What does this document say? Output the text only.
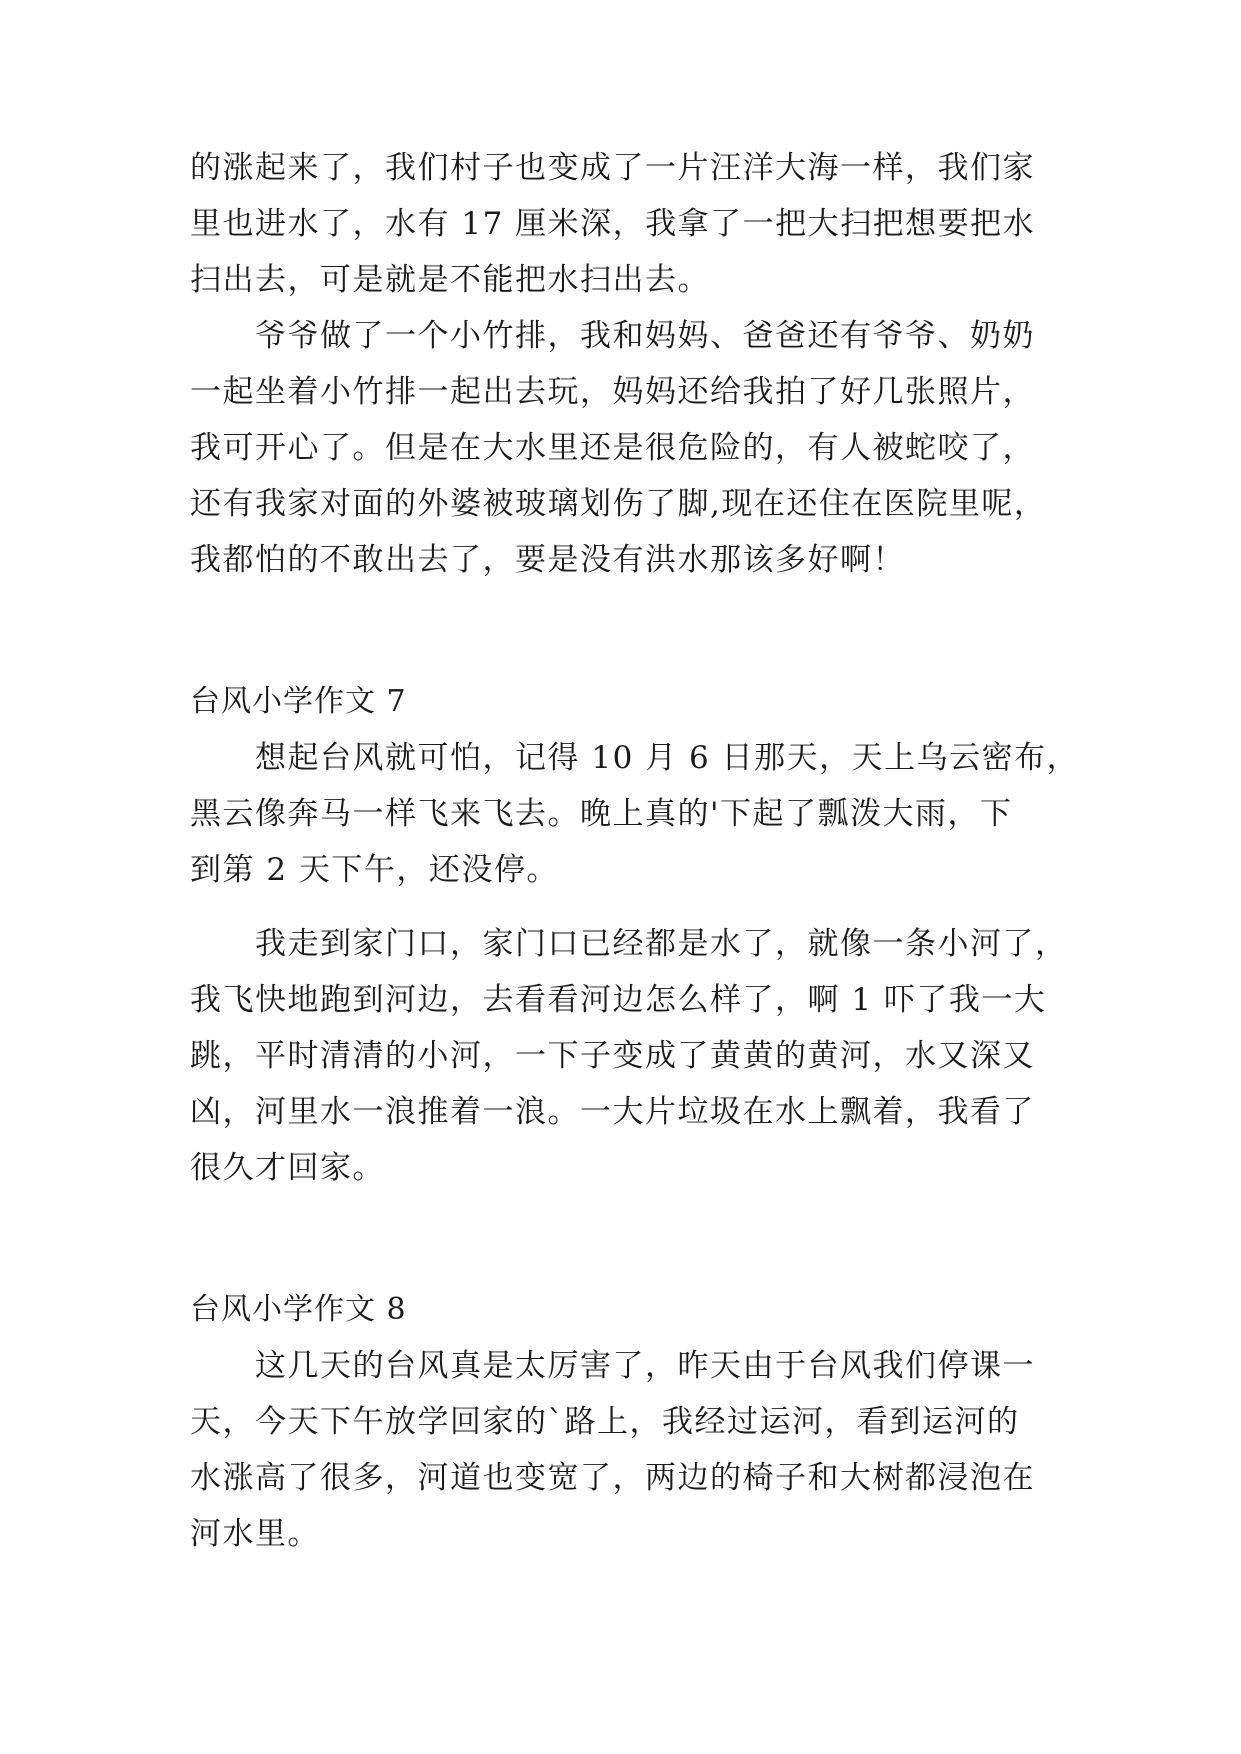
的涨起来了，我们村子也变成了一片汪洋大海一样，我们家
里也进水了，水有 17 厘米深，我拿了一把大扫把想要把水
扫出去，可是就是不能把水扫出去。
　　爷爷做了一个小竹排，我和妈妈、爸爸还有爷爷、奶奶
一起坐着小竹排一起出去玩，妈妈还给我拍了好几张照片，
我可开心了。但是在大水里还是很危险的，有人被蛇咬了，
还有我家对面的外婆被玻璃划伤了脚,现在还住在医院里呢，
我都怕的不敢出去了，要是没有洪水那该多好啊！
台风小学作文 7
　　想起台风就可怕，记得 10 月 6 日那天，天上乌云密布，
黑云像奔马一样飞来飞去。晚上真的'下起了瓢泼大雨，下
到第 2 天下午，还没停。
　　我走到家门口，家门口已经都是水了，就像一条小河了，
我飞快地跑到河边，去看看河边怎么样了，啊 1 吓了我一大
跳，平时清清的小河，一下子变成了黄黄的黄河，水又深又
凶，河里水一浪推着一浪。一大片垃圾在水上飘着，我看了
很久才回家。
台风小学作文 8
　　这几天的台风真是太厉害了，昨天由于台风我们停课一
天，今天下午放学回家的`路上，我经过运河，看到运河的
水涨高了很多，河道也变宽了，两边的椅子和大树都浸泡在
河水里。
